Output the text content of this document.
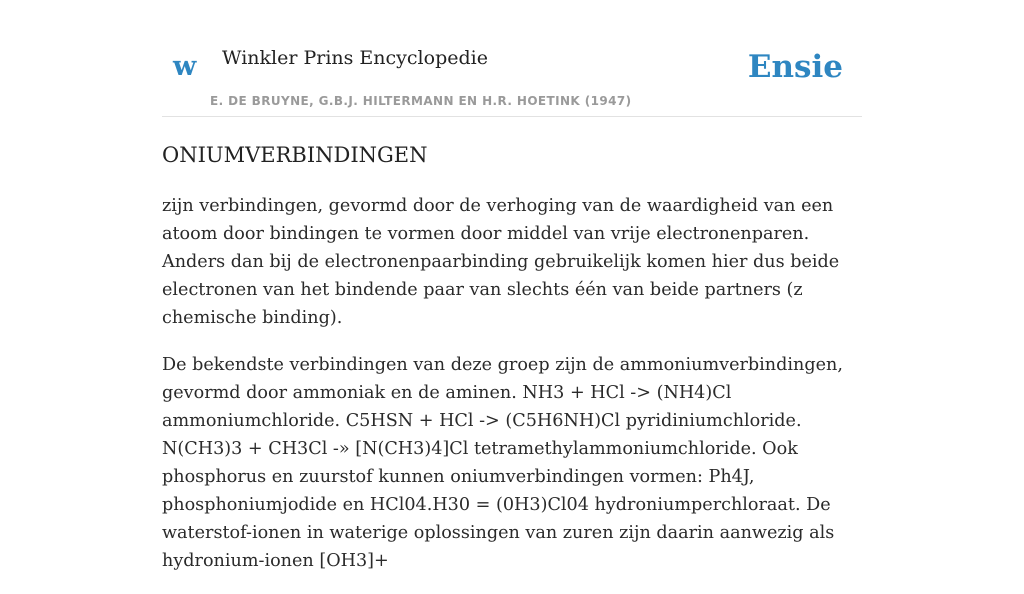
w Winkler Prins Encyclopedie
E. DE BRUYNE, G.B.J. HILTERMANN EN H.R. HOETINK (1947)
Ensie
ONIUMVERBINDINGEN

zijn verbindingen, gevormd door de verhoging van de waardigheid van een atoom door bindingen te vormen door middel van vrije electronenparen. Anders dan bij de electronenpaarbinding gebruikelijk komen hier dus beide electronen van het bindende paar van slechts één van beide partners (z chemische binding).

De bekendste verbindingen van deze groep zijn de ammoniumverbindingen, gevormd door ammoniak en de aminen. NH3 + HCl -> (NH4)Cl ammoniumchloride. C5HSN + HCl -> (C5H6NH)Cl pyridiniumchloride. N(CH3)3 + CH3Cl -» [N(CH3)4]Cl tetramethylammoniumchloride. Ook phosphorus en zuurstof kunnen oniumverbindingen vormen: Ph4J, phosphoniumjodide en HCl04.H30 = (0H3)Cl04 hydroniumperchloraat. De waterstof-ionen in waterige oplossingen van zuren zijn daarin aanwezig als hydronium-ionen [OH3]+
